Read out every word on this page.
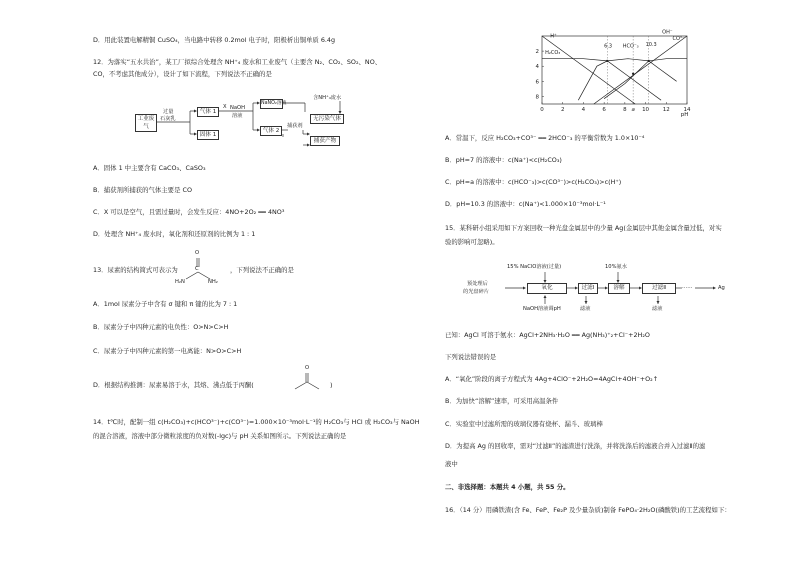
D．用此装置电解精铜 CuSO₄，当电路中转移 0.2mol 电子时，阳极析出铜单质 6.4g
12．为落实“五水共治”，某工厂拟综合处理含 NH⁺₄ 废水和工业废气（主要含 N₂、CO₂、SO₂、NO、
CO，不考虑其他成分），设计了如下流程，下列说法不正确的是
工业废气
过量
石灰乳
气体 1
固体 1
X NaOH
溶液
NaNO₂溶液
含NH⁺₄废水
气体 2
捕获剂
无污染气体
捕获产物
A．固体 1 中主要含有 CaCO₃、CaSO₃
B．捕获剂所捕获的气体主要是 CO
C．X 可以是空气，且需过量时，会发生反应：4NO+2O₂ ══ 4NO³
D．处理含 NH⁺₄ 废水时，氧化剂和还原剂的比例为 1 : 1
13．尿素的结构简式可表示为
O
C
H₂N	NH₂
，下列说法不正确的是
A．1mol 尿素分子中含有 σ 键和 π 键的比为 7 : 1
B．尿素分子中四种元素的电负性：O>N>C>H
C．尿素分子中四种元素的第一电离能：N>O>C>H
D．根据结构推测：尿素易溶于水，其熔、沸点低于丙酮(
O
)
14．t℃时，配制一组 c(H₂CO₃)+c(HCO³⁻)+c(CO³⁻)=1.000×10⁻³mol·L⁻¹的 H₂CO₃与 HCl 或 H₂CO₃与 NaOH
的混合溶液，溶液中部分微粒浓度的负对数(-lgc)与 pH 关系如图所示。下列说法正确的是
0	2	4	6	8 a 10 12 14
pH
2
4
6
8
6.3	10.3
OH⁻
CO³⁻
HCO⁻₃
H⁺
H₂CO₃
A．常温下，反应 H₂CO₃+CO³⁻ ══ 2HCO⁻₃ 的平衡常数为 1.0×10⁻⁴
B．pH=7 的溶液中：c(Na⁺)<c(H₂CO₃)
C．pH=a 的溶液中：c(HCO⁻₃)>c(CO³⁻)>c(H₂CO₃)>c(H⁺)
D．pH=10.3 的溶液中：c(Na⁺)<1.000×10⁻³mol·L⁻¹
15．某科研小组采用如下方案回收一种光盘金属层中的少量 Ag(金属层中其他金属含量过低，对实
验的影响可忽略)。
15% NaClO溶液(过量)	10%氨水
预处理后
的光盘碎片
氧化	过滤Ⅰ	溶解	过滤Ⅱ	……	Ag
NaOH溶液调pH	滤液	滤液
已知：AgCl 可溶于氨水：AgCl+2NH₃·H₂O ══ Ag(NH₃)⁺₂+Cl⁻+2H₂O
下列说法错误的是
A．“氧化”阶段的离子方程式为 4Ag+4ClO⁻+2H₂O=4AgCl+4OH⁻+O₂↑
B．为加快“溶解”速率，可采用高温条件
C．实验室中过滤所需的玻璃仪器有烧杯、漏斗、玻璃棒
D．为提高 Ag 的回收率，需对“过滤Ⅱ”的滤渣进行洗涤，并将洗涤后的滤液合并入过滤Ⅱ的滤
液中
二、非选择题：本题共 4 小题，共 55 分。
16．（14 分）用磷铁渣(含 Fe、FeP、Fe₂P 及少量杂质)制备 FePO₄·2H₂O(磷酸铁)的工艺流程如下：
